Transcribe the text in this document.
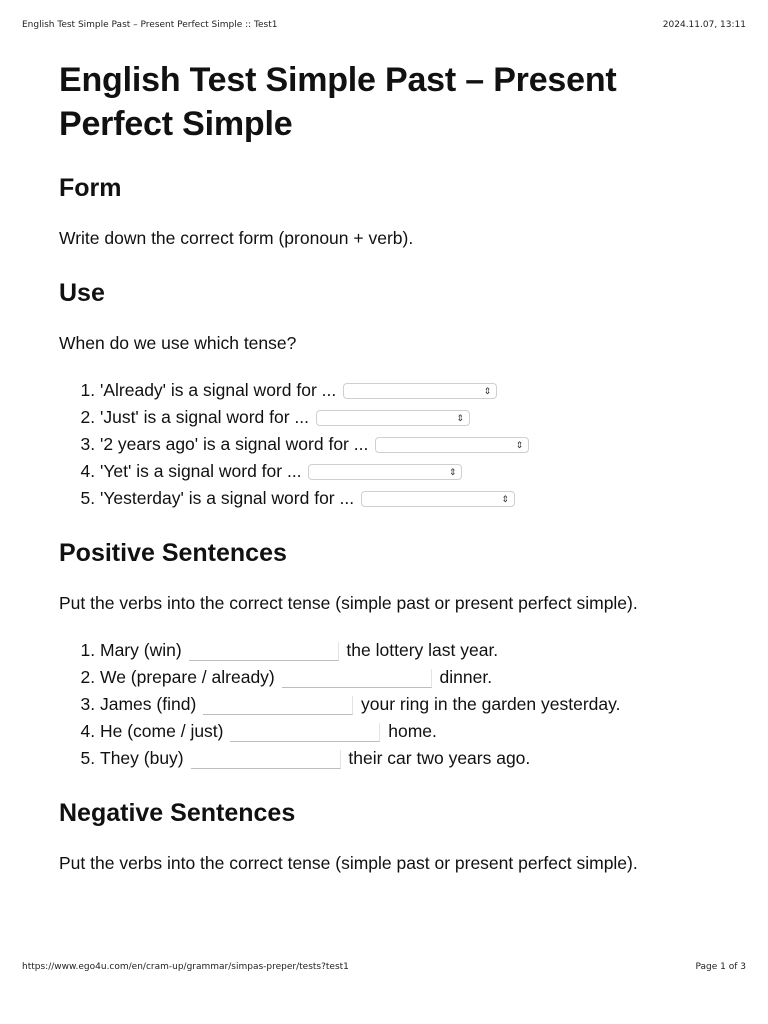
English Test Simple Past – Present Perfect Simple :: Test1	2024.11.07, 13:11
English Test Simple Past – Present Perfect Simple
Form

Write down the correct form (pronoun + verb).

Use

When do we use which tense?

1. 'Already' is a signal word for ...	⇕
2. 'Just' is a signal word for ...	⇕
3. '2 years ago' is a signal word for ...	⇕
4. 'Yet' is a signal word for ...	⇕
5. 'Yesterday' is a signal word for ...	⇕
Positive Sentences

Put the verbs into the correct tense (simple past or present perfect simple).

1. Mary (win)	the lottery last year.
2. We (prepare / already)	dinner.
3. James (find)	your ring in the garden yesterday.
4. He (come / just)	home.
5. They (buy)	their car two years ago.
Negative Sentences

Put the verbs into the correct tense (simple past or present perfect simple).

https://www.ego4u.com/en/cram-up/grammar/simpas-preper/tests?test1	Page 1 of 3
